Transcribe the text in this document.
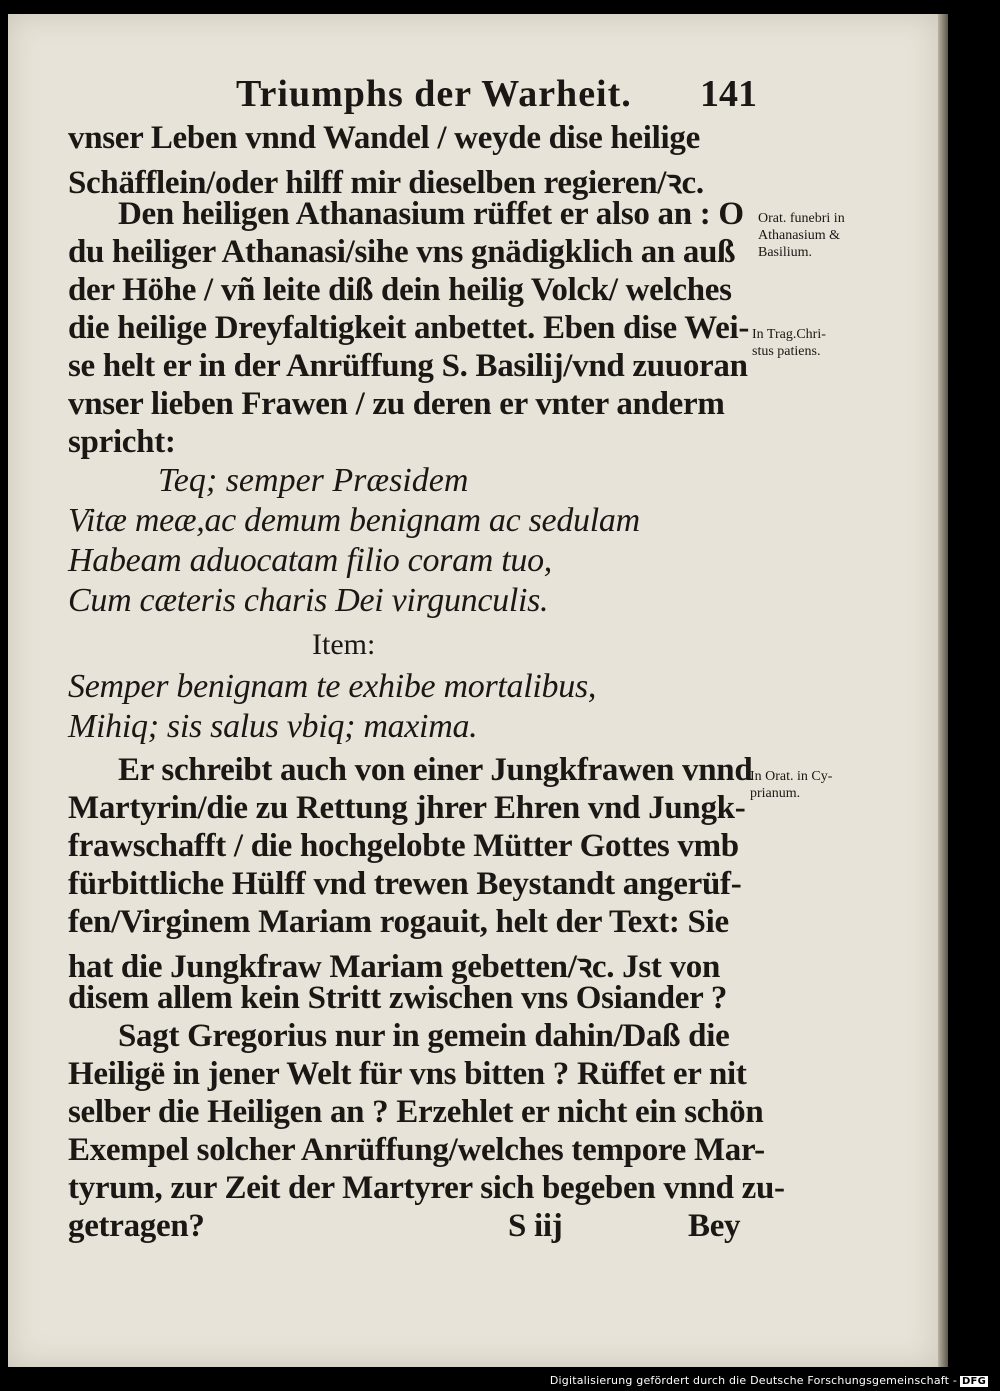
Triumphs der Warheit. 141
vnser Leben vnnd Wandel / weyde dise heilige
Schäfflein/oder hilff mir dieselben regieren/ꝛc.
Den heiligen Athanasium rüffet er also an : O
du heiliger Athanasi/sihe vns gnädigklich an auß
der Höhe / vñ leite diß dein heilig Volck/ welches
die heilige Dreyfaltigkeit anbettet. Eben dise Wei-
se helt er in der Anrüffung S. Basilij/vnd zuuoran
vnser lieben Frawen / zu deren er vnter anderm
spricht:
Teq; semper Præsidem
Vitæ meæ,ac demum benignam ac sedulam
Habeam aduocatam filio coram tuo,
Cum cæteris charis Dei virgunculis.
Item:
Semper benignam te exhibe mortalibus,
Mihiq; sis salus vbiq; maxima.
Er schreibt auch von einer Jungkfrawen vnnd
Martyrin/die zu Rettung jhrer Ehren vnd Jungk-
frawschafft / die hochgelobte Mütter Gottes vmb
fürbittliche Hülff vnd trewen Beystandt angerüf-
fen/Virginem Mariam rogauit, helt der Text: Sie
hat die Jungkfraw Mariam gebetten/ꝛc. Jst von
disem allem kein Stritt zwischen vns Osiander ?
Sagt Gregorius nur in gemein dahin/Daß die
Heiligë in jener Welt für vns bitten ? Rüffet er nit
selber die Heiligen an ? Erzehlet er nicht ein schön
Exempel solcher Anrüffung/welches tempore Mar-
tyrum, zur Zeit der Martyrer sich begeben vnnd zu-
getragen?	S iij	Bey
Orat. funebri in
Athanasium &
Basilium.
In Trag.Chri-
stus patiens.
In Orat. in Cy-
prianum.
Digitalisierung gefördert durch die Deutsche Forschungsgemeinschaft - DFG
